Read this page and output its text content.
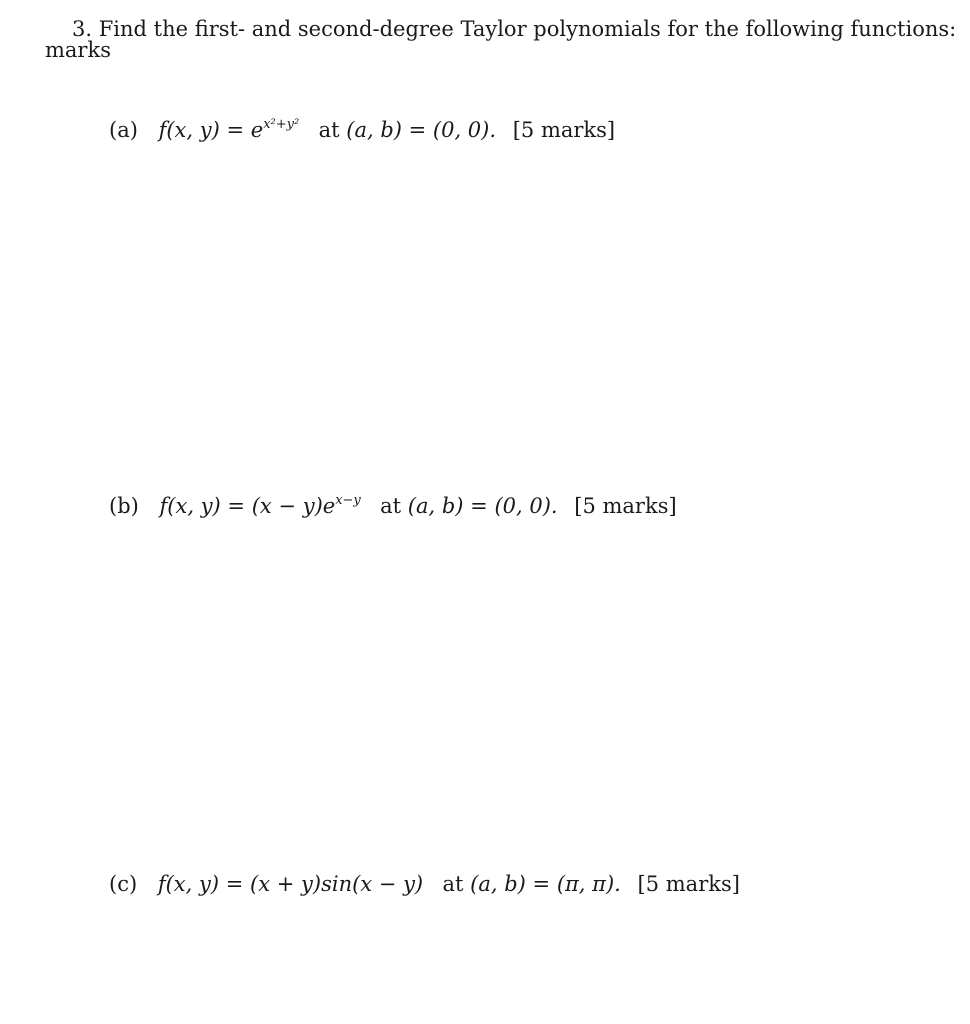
3. Find the first- and second-degree Taylor polynomials for the following functions:
marks
(a) f(x, $y) = e^{x^2+y^2}$ at (a, b) = (0, 0). [5 marks]
(b) f(x, $y) = (x - y)e^{x-y}$ at (a, b) = (0, 0). [5 marks]
(c) f(x, y) = (x + y)sin(x − y) at (a, b) = (π, π). [5 marks]
